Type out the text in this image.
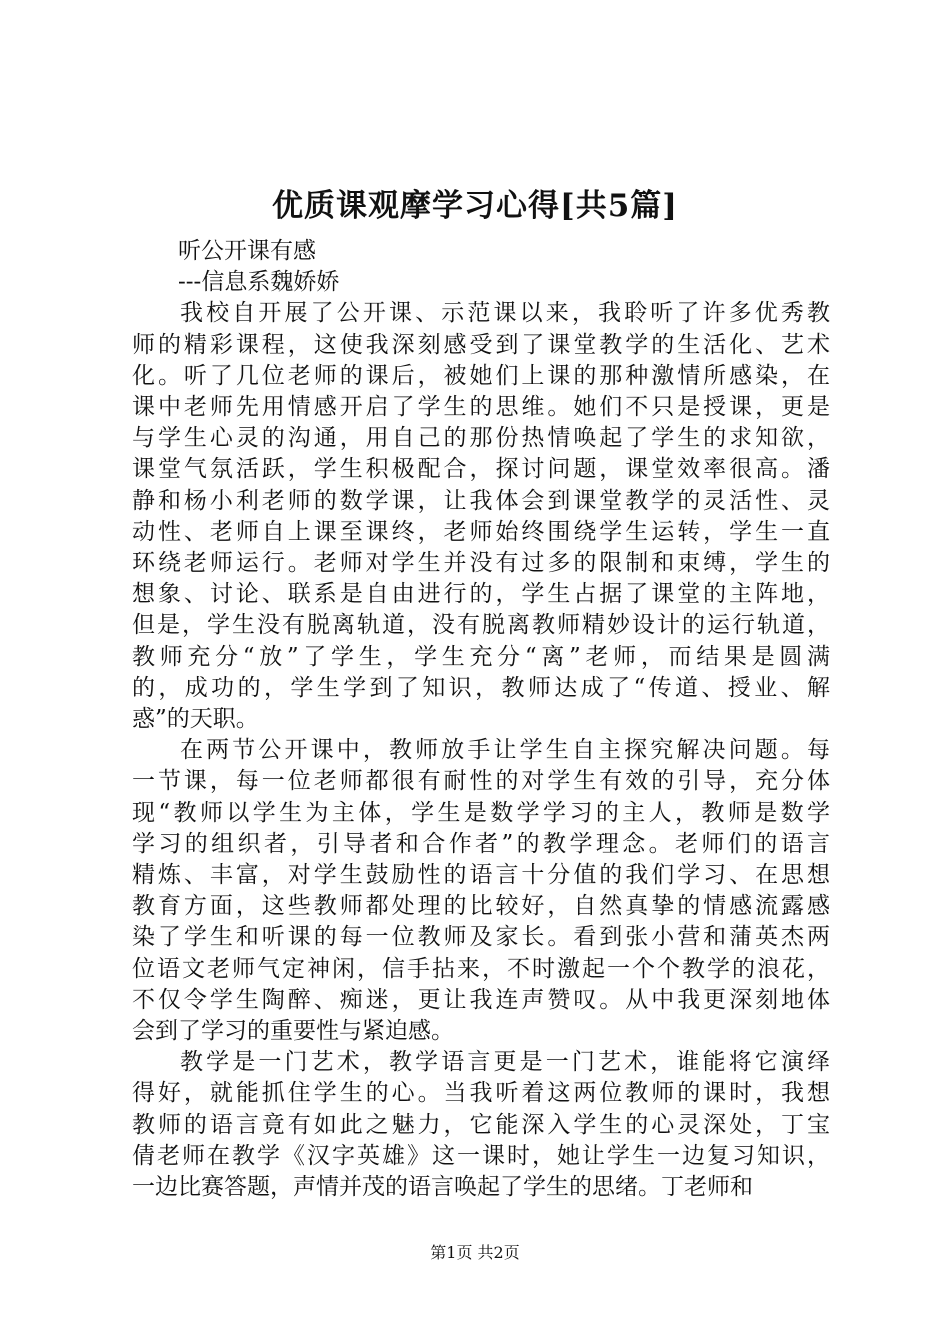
优质课观摩学习心得[共5篇]
听公开课有感
---信息系魏娇娇
我校自开展了公开课、示范课以来，我聆听了许多优秀教
师的精彩课程，这使我深刻感受到了课堂教学的生活化、艺术
化。听了几位老师的课后，被她们上课的那种激情所感染，在
课中老师先用情感开启了学生的思维。她们不只是授课，更是
与学生心灵的沟通，用自己的那份热情唤起了学生的求知欲，
课堂气氛活跃，学生积极配合，探讨问题，课堂效率很高。潘
静和杨小利老师的数学课，让我体会到课堂教学的灵活性、灵
动性、老师自上课至课终，老师始终围绕学生运转，学生一直
环绕老师运行。老师对学生并没有过多的限制和束缚，学生的
想象、讨论、联系是自由进行的，学生占据了课堂的主阵地，
但是，学生没有脱离轨道，没有脱离教师精妙设计的运行轨道，
教师充分“放”了学生，学生充分“离”老师，而结果是圆满
的，成功的，学生学到了知识，教师达成了“传道、授业、解
惑”的天职。
在两节公开课中，教师放手让学生自主探究解决问题。每
一节课，每一位老师都很有耐性的对学生有效的引导，充分体
现“教师以学生为主体，学生是数学学习的主人，教师是数学
学习的组织者，引导者和合作者”的教学理念。老师们的语言
精炼、丰富，对学生鼓励性的语言十分值的我们学习、在思想
教育方面，这些教师都处理的比较好，自然真挚的情感流露感
染了学生和听课的每一位教师及家长。看到张小营和蒲英杰两
位语文老师气定神闲，信手拈来，不时激起一个个教学的浪花，
不仅令学生陶醉、痴迷，更让我连声赞叹。从中我更深刻地体
会到了学习的重要性与紧迫感。
教学是一门艺术，教学语言更是一门艺术，谁能将它演绎
得好，就能抓住学生的心。当我听着这两位教师的课时，我想
教师的语言竟有如此之魅力，它能深入学生的心灵深处，丁宝
倩老师在教学《汉字英雄》这一课时，她让学生一边复习知识，
一边比赛答题，声情并茂的语言唤起了学生的思绪。丁老师和
第1页 共2页
